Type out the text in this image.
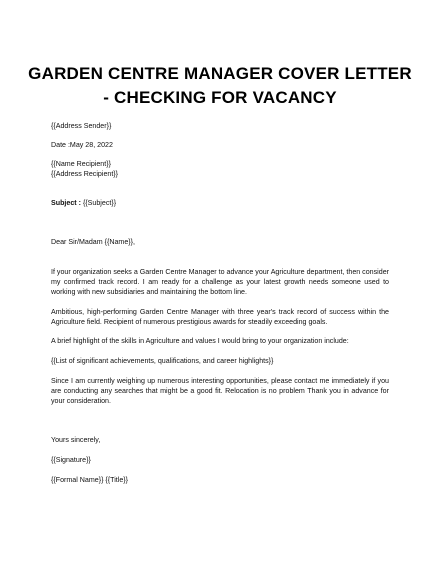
GARDEN CENTRE MANAGER COVER LETTER
- CHECKING FOR VACANCY
{{Address Sender}}
Date :May 28, 2022
{{Name Recipient}}
{{Address Recipient}}
Subject : {{Subject}}
Dear Sir/Madam {{Name}},
If your organization seeks a Garden Centre Manager to advance your Agriculture department, then consider my confirmed track record. I am ready for a challenge as your latest growth needs someone used to working with new subsidiaries and maintaining the bottom line.
Ambitious, high-performing Garden Centre Manager with three year's track record of success within the Agriculture field. Recipient of numerous prestigious awards for steadily exceeding goals.
A brief highlight of the skills in Agriculture and values I would bring to your organization include:
{{List of significant achievements, qualifications, and career highlights}}
Since I am currently weighing up numerous interesting opportunities, please contact me immediately if you are conducting any searches that might be a good fit. Relocation is no problem Thank you in advance for your consideration.
Yours sincerely,
{{Signature}}
{{Formal Name}} {{Title}}
